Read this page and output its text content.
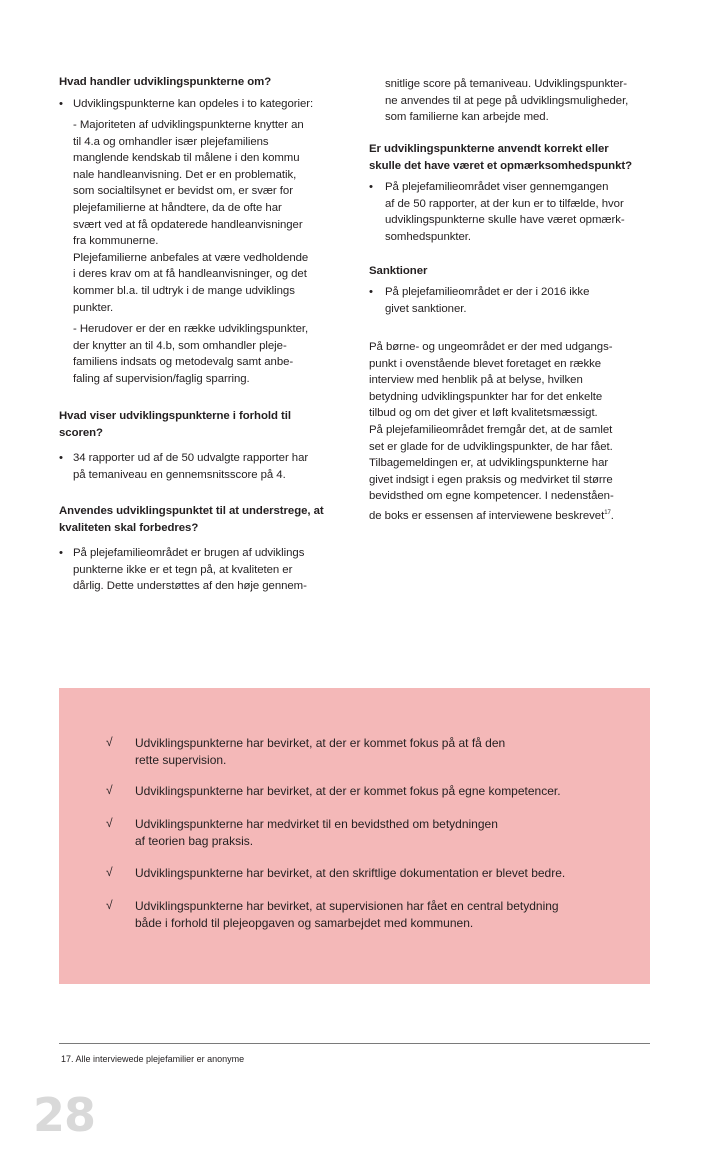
Hvad handler udviklingspunkterne om?
• Udviklingspunkterne kan opdeles i to kategorier:
- Majoriteten af udviklingspunkterne knytter an
til 4.a og omhandler især plejefamiliens
manglende kendskab til målene i den kommu
nale handleanvisning. Det er en problematik,
som socialtilsynet er bevidst om, er svær for
plejefamilierne at håndtere, da de ofte har
svært ved at få opdaterede handleanvisninger
fra kommunerne.
Plejefamilierne anbefales at være vedholdende
i deres krav om at få handleanvisninger, og det
kommer bl.a. til udtryk i de mange udviklings
punkter.
- Herudover er der en række udviklingspunkter,
der knytter an til 4.b, som omhandler pleje-
familiens indsats og metodevalg samt anbe-
faling af supervision/faglig sparring.
Hvad viser udviklingspunkterne i forhold til
scoren?
• 34 rapporter ud af de 50 udvalgte rapporter har
på temaniveau en gennemsnitsscore på 4.
Anvendes udviklingspunktet til at understrege, at
kvaliteten skal forbedres?
• På plejefamilieområdet er brugen af udviklings
punkterne ikke er et tegn på, at kvaliteten er
dårlig. Dette understøttes af den høje gennem-
snitlige score på temaniveau. Udviklingspunkter-
ne anvendes til at pege på udviklingsmuligheder,
som familierne kan arbejde med.
Er udviklingspunkterne anvendt korrekt eller
skulle det have været et opmærksomhedspunkt?
• På plejefamilieområdet viser gennemgangen
af de 50 rapporter, at der kun er to tilfælde, hvor
udviklingspunkterne skulle have været opmærk-
somhedspunkter.
Sanktioner
• På plejefamilieområdet er der i 2016 ikke
givet sanktioner.
På børne- og ungeområdet er der med udgangs-
punkt i ovenstående blevet foretaget en række
interview med henblik på at belyse, hvilken
betydning udviklingspunkter har for det enkelte
tilbud og om det giver et løft kvalitetsmæssigt.
På plejefamilieområdet fremgår det, at de samlet
set er glade for de udviklingspunkter, de har fået.
Tilbagemeldingen er, at udviklingspunkterne har
givet indsigt i egen praksis og medvirket til større
bevidsthed om egne kompetencer. I nedenståen-
de boks er essensen af interviewene beskrevet$^{17}$.
√ Udviklingspunkterne har bevirket, at der er kommet fokus på at få den
rette supervision.
√ Udviklingspunkterne har bevirket, at der er kommet fokus på egne kompetencer.
√ Udviklingspunkterne har medvirket til en bevidsthed om betydningen
af teorien bag praksis.
√ Udviklingspunkterne har bevirket, at den skriftlige dokumentation er blevet bedre.
√ Udviklingspunkterne har bevirket, at supervisionen har fået en central betydning
både i forhold til plejeopgaven og samarbejdet med kommunen.
17. Alle interviewede plejefamilier er anonyme
28
